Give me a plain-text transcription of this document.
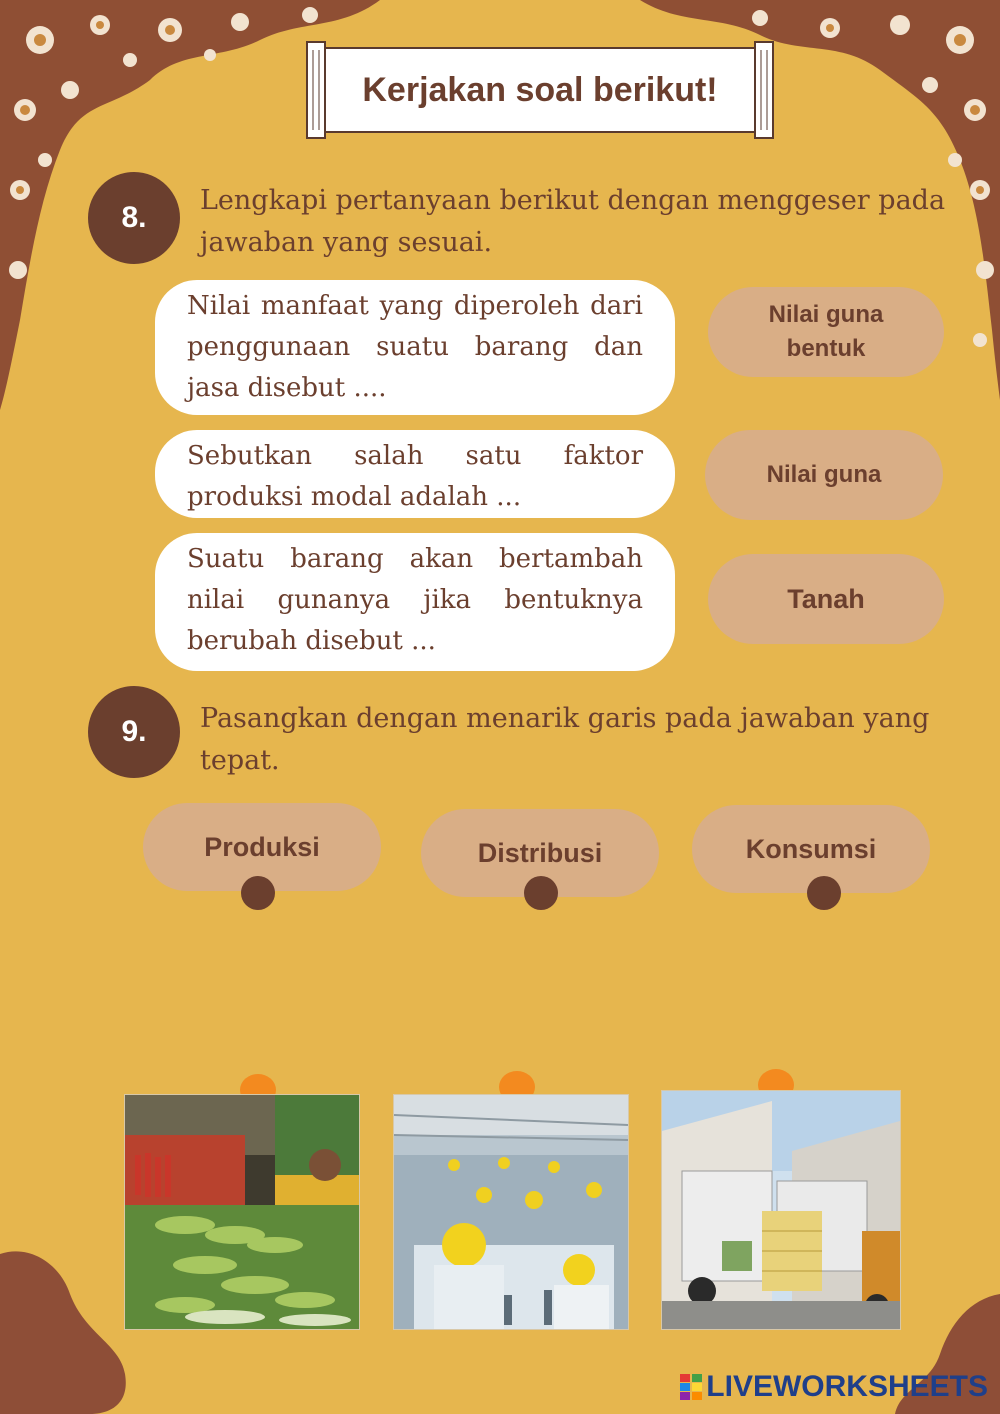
Kerjakan soal berikut!
8.
Lengkapi pertanyaan berikut dengan menggeser pada jawaban yang sesuai.
Nilai manfaat yang diperoleh dari penggunaan suatu barang dan jasa disebut ....
Sebutkan salah satu faktor produksi modal adalah ...
Suatu barang akan bertambah nilai gunanya jika bentuknya berubah disebut ...
Nilai guna bentuk
Nilai guna
Tanah
9.	Pasangkan dengan menarik garis pada jawaban yang tepat.
Produksi	Distribusi	Konsumsi
LIVEWORKSHEETS
